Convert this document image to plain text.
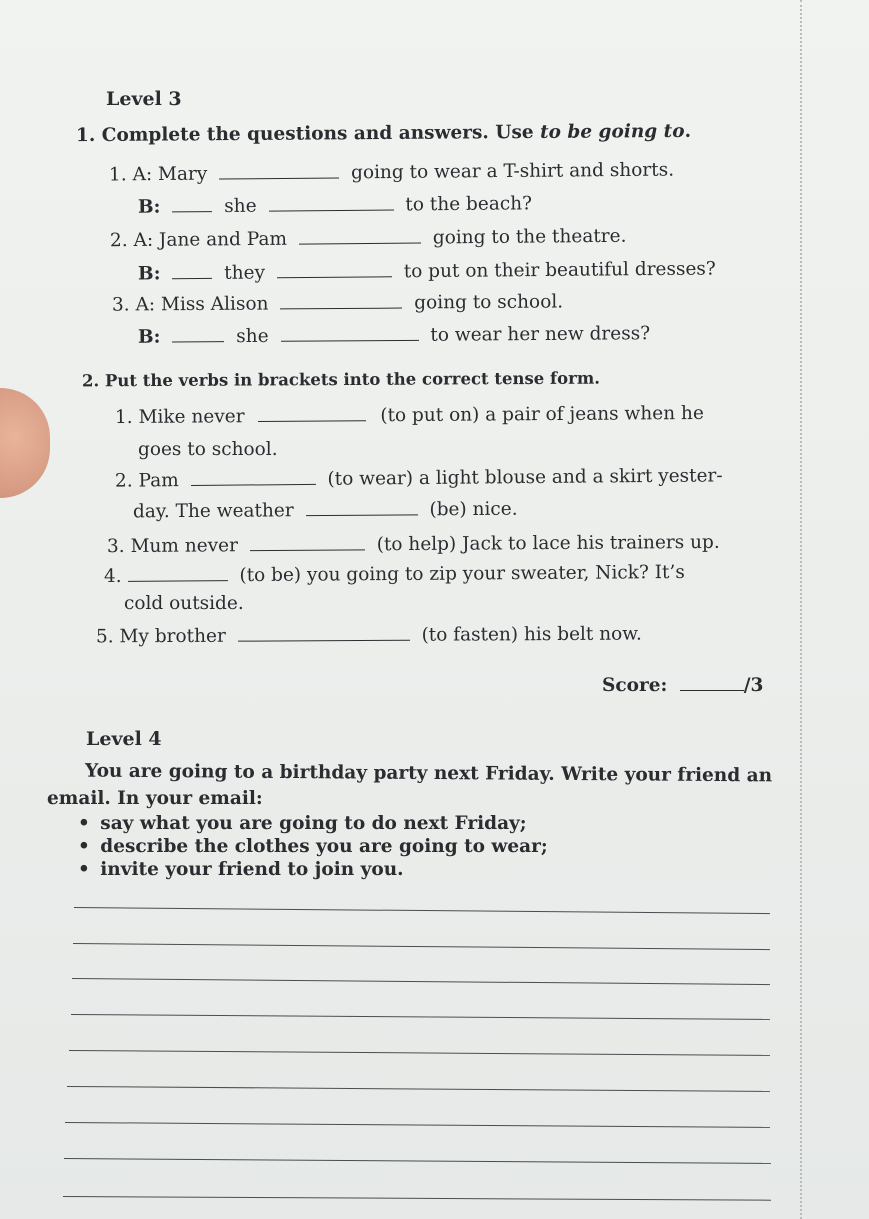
Level 3
1. Complete the questions and answers. Use to be going to.
1. A: Mary	going to wear a T-shirt and shorts.
B:	she	to the beach?
2. A: Jane and Pam	going to the theatre.
B:	they	to put on their beautiful dresses?
3. A: Miss Alison	going to school.
B:	she	to wear her new dress?
2. Put the verbs in brackets into the correct tense form.
1. Mike never	(to put on) a pair of jeans when he
goes to school.
2. Pam	(to wear) a light blouse and a skirt yester-
day. The weather	(be) nice.
3. Mum never	(to help) Jack to lace his trainers up.
4.	(to be) you going to zip your sweater, Nick? It’s
cold outside.
5. My brother	(to fasten) his belt now.
Score:	/3
Level 4
You are going to a birthday party next Friday. Write your friend an
email. In your email:
• say what you are going to do next Friday;
• describe the clothes you are going to wear;
• invite your friend to join you.
